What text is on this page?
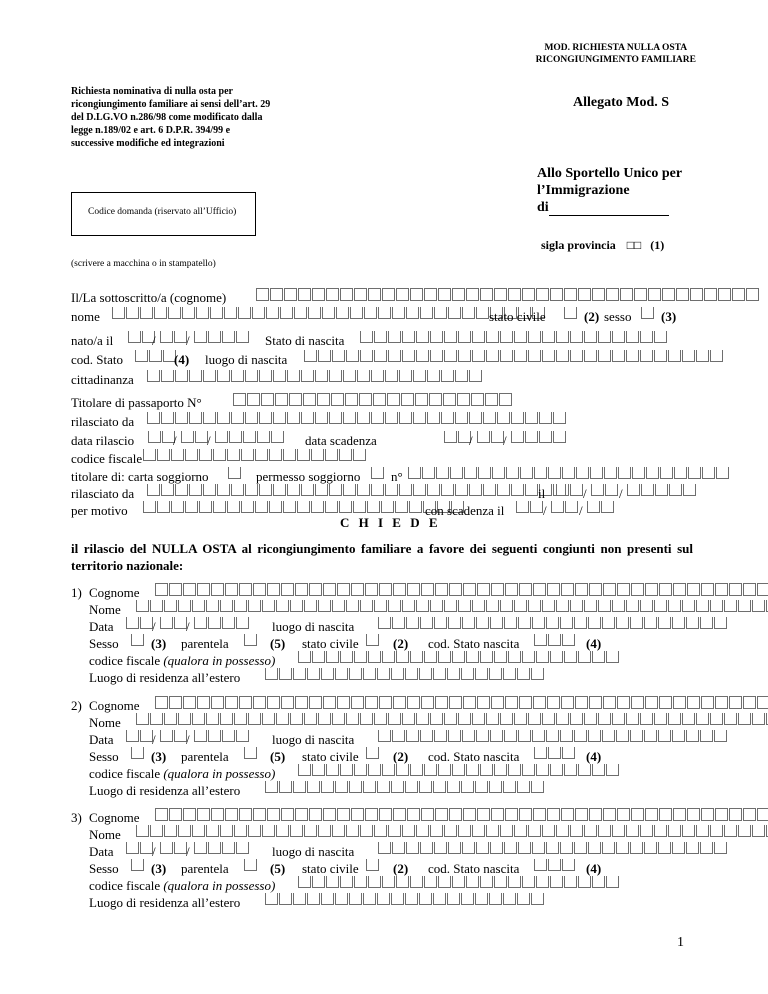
MOD. RICHIESTA NULLA OSTA
RICONGIUNGIMENTO FAMILIARE
Richiesta nominativa di nulla osta per ricongiungimento familiare ai sensi dell’art. 29 del D.LG.VO n.286/98 come modificato dalla legge n.189/02 e art. 6 D.P.R. 394/99 e successive modifiche ed integrazioni
Allegato Mod. S
Allo Sportello Unico per
l’Immigrazione
di
sigla provincia □□ (1)
Codice domanda (riservato all’Ufficio)
(scrivere a macchina o in stampatello)
Il/La sottoscritto/a (cognome)
nome	stato civile	(2) sesso (3)
nato/a il	/ /	Stato di nascita
cod. Stato	(4) luogo di nascita
cittadinanza
Titolare di passaporto N°
rilasciato da
data rilascio	/ /	data scadenza	/ /
codice fiscale
titolare di: carta soggiorno	permesso soggiorno n°
rilasciato da	il	/ /
per motivo	con scadenza il	/ /
C H I E D E
il rilascio del NULLA OSTA al ricongiungimento familiare a favore dei seguenti congiunti non presenti sul territorio nazionale:
1) Cognome
Nome
Data	/ /	luogo di nascita
Sesso (3) parentela	(5) stato civile	(2) cod. Stato nascita	(4)
codice fiscale (qualora in possesso)
Luogo di residenza all’estero
2) Cognome
Nome
Data	/ /	luogo di nascita
Sesso (3) parentela	(5) stato civile	(2) cod. Stato nascita	(4)
codice fiscale (qualora in possesso)
Luogo di residenza all’estero
3) Cognome
Nome
Data	/ /	luogo di nascita
Sesso (3) parentela	(5) stato civile	(2) cod. Stato nascita	(4)
codice fiscale (qualora in possesso)
Luogo di residenza all’estero
1
